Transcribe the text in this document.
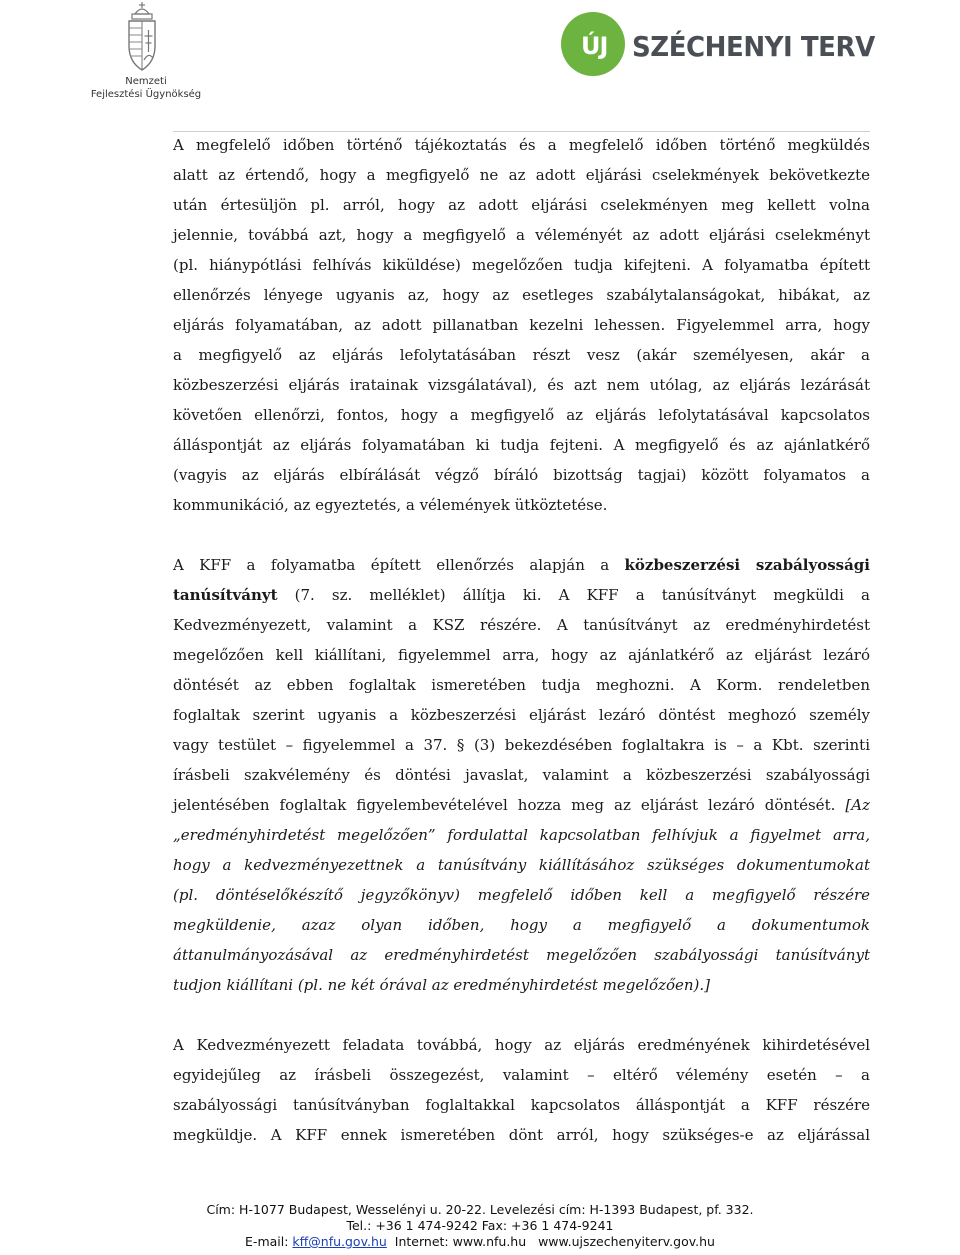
Nemzeti
Fejlesztési Ügynökség
ÚJ SZÉCHENYI TERV

A megfelelő időben történő tájékoztatás és a megfelelő időben történő megküldés
alatt az értendő, hogy a megfigyelő ne az adott eljárási cselekmények bekövetkezte
után értesüljön pl. arról, hogy az adott eljárási cselekményen meg kellett volna
jelennie, továbbá azt, hogy a megfigyelő a véleményét az adott eljárási cselekményt
(pl. hiánypótlási felhívás kiküldése) megelőzően tudja kifejteni. A folyamatba épített
ellenőrzés lényege ugyanis az, hogy az esetleges szabálytalanságokat, hibákat, az
eljárás folyamatában, az adott pillanatban kezelni lehessen. Figyelemmel arra, hogy
a megfigyelő az eljárás lefolytatásában részt vesz (akár személyesen, akár a
közbeszerzési eljárás iratainak vizsgálatával), és azt nem utólag, az eljárás lezárását
követően ellenőrzi, fontos, hogy a megfigyelő az eljárás lefolytatásával kapcsolatos
álláspontját az eljárás folyamatában ki tudja fejteni. A megfigyelő és az ajánlatkérő
(vagyis az eljárás elbírálását végző bíráló bizottság tagjai) között folyamatos a
kommunikáció, az egyeztetés, a vélemények ütköztetése.

A KFF a folyamatba épített ellenőrzés alapján a közbeszerzési szabályossági
tanúsítványt (7. sz. melléklet) állítja ki. A KFF a tanúsítványt megküldi a
Kedvezményezett, valamint a KSZ részére. A tanúsítványt az eredményhirdetést
megelőzően kell kiállítani, figyelemmel arra, hogy az ajánlatkérő az eljárást lezáró
döntését az ebben foglaltak ismeretében tudja meghozni. A Korm. rendeletben
foglaltak szerint ugyanis a közbeszerzési eljárást lezáró döntést meghozó személy
vagy testület – figyelemmel a 37. § (3) bekezdésében foglaltakra is – a Kbt. szerinti
írásbeli szakvélemény és döntési javaslat, valamint a közbeszerzési szabályossági
jelentésében foglaltak figyelembevételével hozza meg az eljárást lezáró döntését. [Az
„eredményhirdetést megelőzően” fordulattal kapcsolatban felhívjuk a figyelmet arra,
hogy a kedvezményezettnek a tanúsítvány kiállításához szükséges dokumentumokat
(pl. döntéselőkészítő jegyzőkönyv) megfelelő időben kell a megfigyelő részére
megküldenie, azaz olyan időben, hogy a megfigyelő a dokumentumok
áttanulmányozásával az eredményhirdetést megelőzően szabályossági tanúsítványt
tudjon kiállítani (pl. ne két órával az eredményhirdetést megelőzően).]

A Kedvezményezett feladata továbbá, hogy az eljárás eredményének kihirdetésével
egyidejűleg az írásbeli összegezést, valamint – eltérő vélemény esetén – a
szabályossági tanúsítványban foglaltakkal kapcsolatos álláspontját a KFF részére
megküldje. A KFF ennek ismeretében dönt arról, hogy szükséges-e az eljárással

Cím: H-1077 Budapest, Wesselényi u. 20-22. Levelezési cím: H-1393 Budapest, pf. 332.
Tel.: +36 1 474-9242 Fax: +36 1 474-9241
E-mail: kff@nfu.gov.hu  Internet: www.nfu.hu   www.ujszechenyiterv.gov.hu
